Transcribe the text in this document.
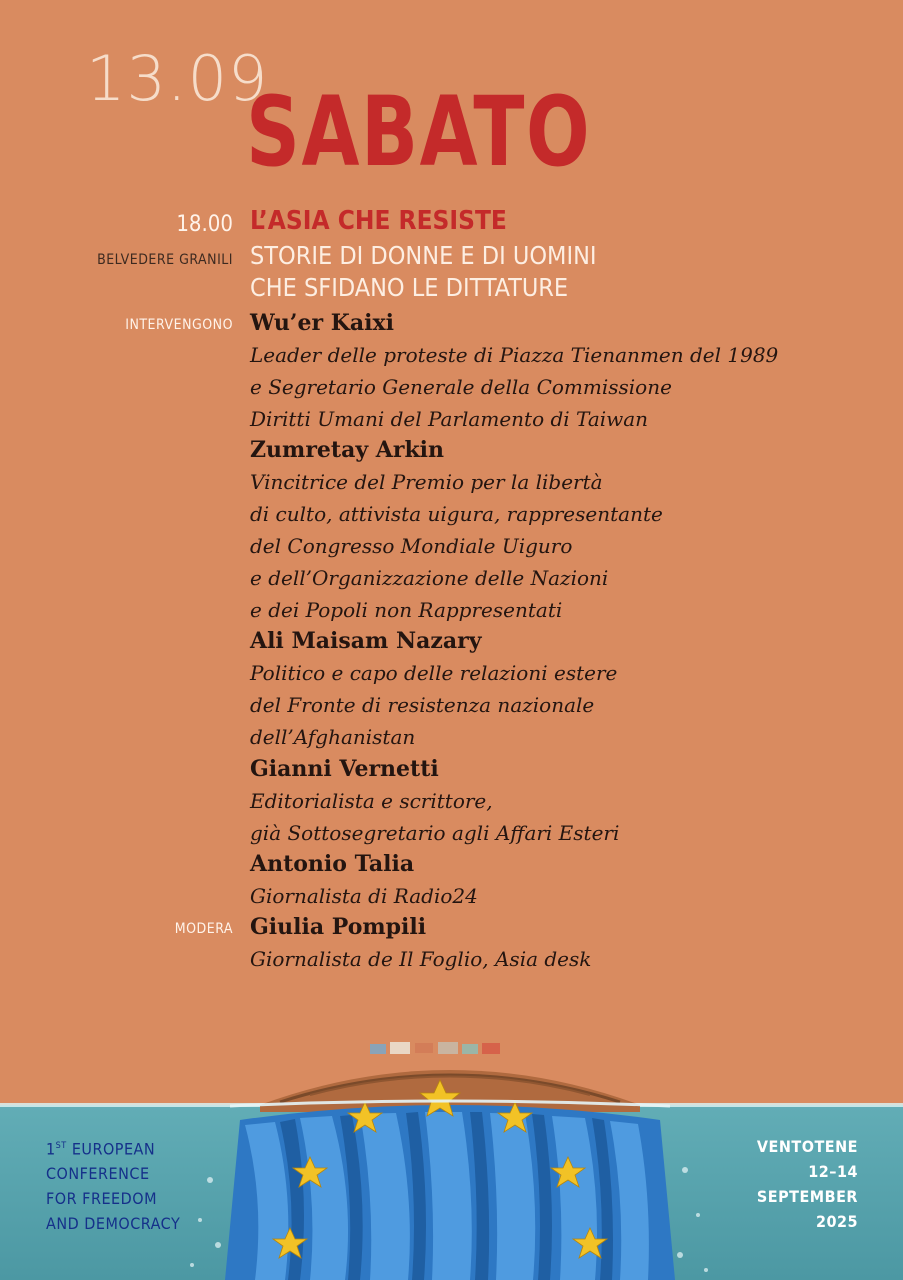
13.09
SABATO
18.00
BELVEDERE GRANILI
L’ASIA CHE RESISTE
STORIE DI DONNE E DI UOMINI
CHE SFIDANO LE DITTATURE
INTERVENGONO Wu’er Kaixi
Leader delle proteste di Piazza Tienanmen del 1989
e Segretario Generale della Commissione
Diritti Umani del Parlamento di Taiwan
Zumretay Arkin
Vincitrice del Premio per la libertà
di culto, attivista uigura, rappresentante
del Congresso Mondiale Uiguro
e dell’Organizzazione delle Nazioni
e dei Popoli non Rappresentati
Ali Maisam Nazary
Politico e capo delle relazioni estere
del Fronte di resistenza nazionale
dell’Afghanistan
Gianni Vernetti
Editorialista e scrittore,
già Sottosegretario agli Affari Esteri
Antonio Talia
Giornalista di Radio24
MODERA Giulia Pompili
Giornalista de Il Foglio, Asia desk
1ST EUROPEAN
CONFERENCE
FOR FREEDOM
AND DEMOCRACY
VENTOTENE
12–14
SEPTEMBER
2025
